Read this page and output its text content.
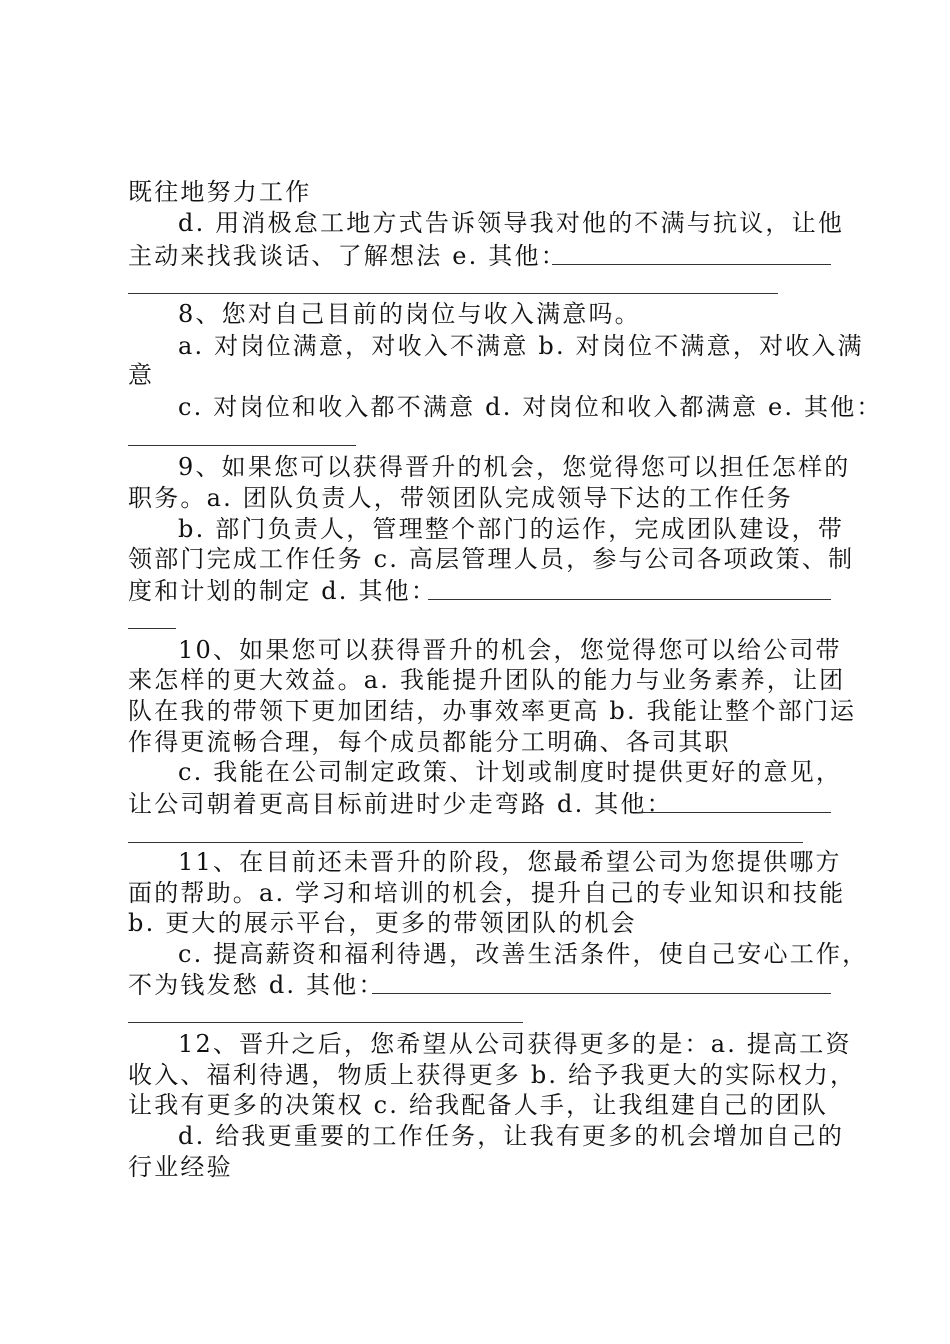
既往地努力工作
d. 用消极怠工地方式告诉领导我对他的不满与抗议，让他
主动来找我谈话、了解想法 e. 其他：
8、您对自己目前的岗位与收入满意吗。
a. 对岗位满意，对收入不满意 b. 对岗位不满意，对收入满
意
c. 对岗位和收入都不满意 d. 对岗位和收入都满意 e. 其他：
9、如果您可以获得晋升的机会，您觉得您可以担任怎样的
职务。a. 团队负责人，带领团队完成领导下达的工作任务
b. 部门负责人，管理整个部门的运作，完成团队建设，带
领部门完成工作任务 c. 高层管理人员，参与公司各项政策、制
度和计划的制定 d. 其他：
10、如果您可以获得晋升的机会，您觉得您可以给公司带
来怎样的更大效益。a. 我能提升团队的能力与业务素养，让团
队在我的带领下更加团结，办事效率更高 b. 我能让整个部门运
作得更流畅合理，每个成员都能分工明确、各司其职
c. 我能在公司制定政策、计划或制度时提供更好的意见，
让公司朝着更高目标前进时少走弯路 d. 其他：
11、在目前还未晋升的阶段，您最希望公司为您提供哪方
面的帮助。a. 学习和培训的机会，提升自己的专业知识和技能
b. 更大的展示平台，更多的带领团队的机会
c. 提高薪资和福利待遇，改善生活条件，使自己安心工作，
不为钱发愁 d. 其他：
12、晋升之后，您希望从公司获得更多的是：a. 提高工资
收入、福利待遇，物质上获得更多 b. 给予我更大的实际权力，
让我有更多的决策权 c. 给我配备人手，让我组建自己的团队
d. 给我更重要的工作任务，让我有更多的机会增加自己的
行业经验
